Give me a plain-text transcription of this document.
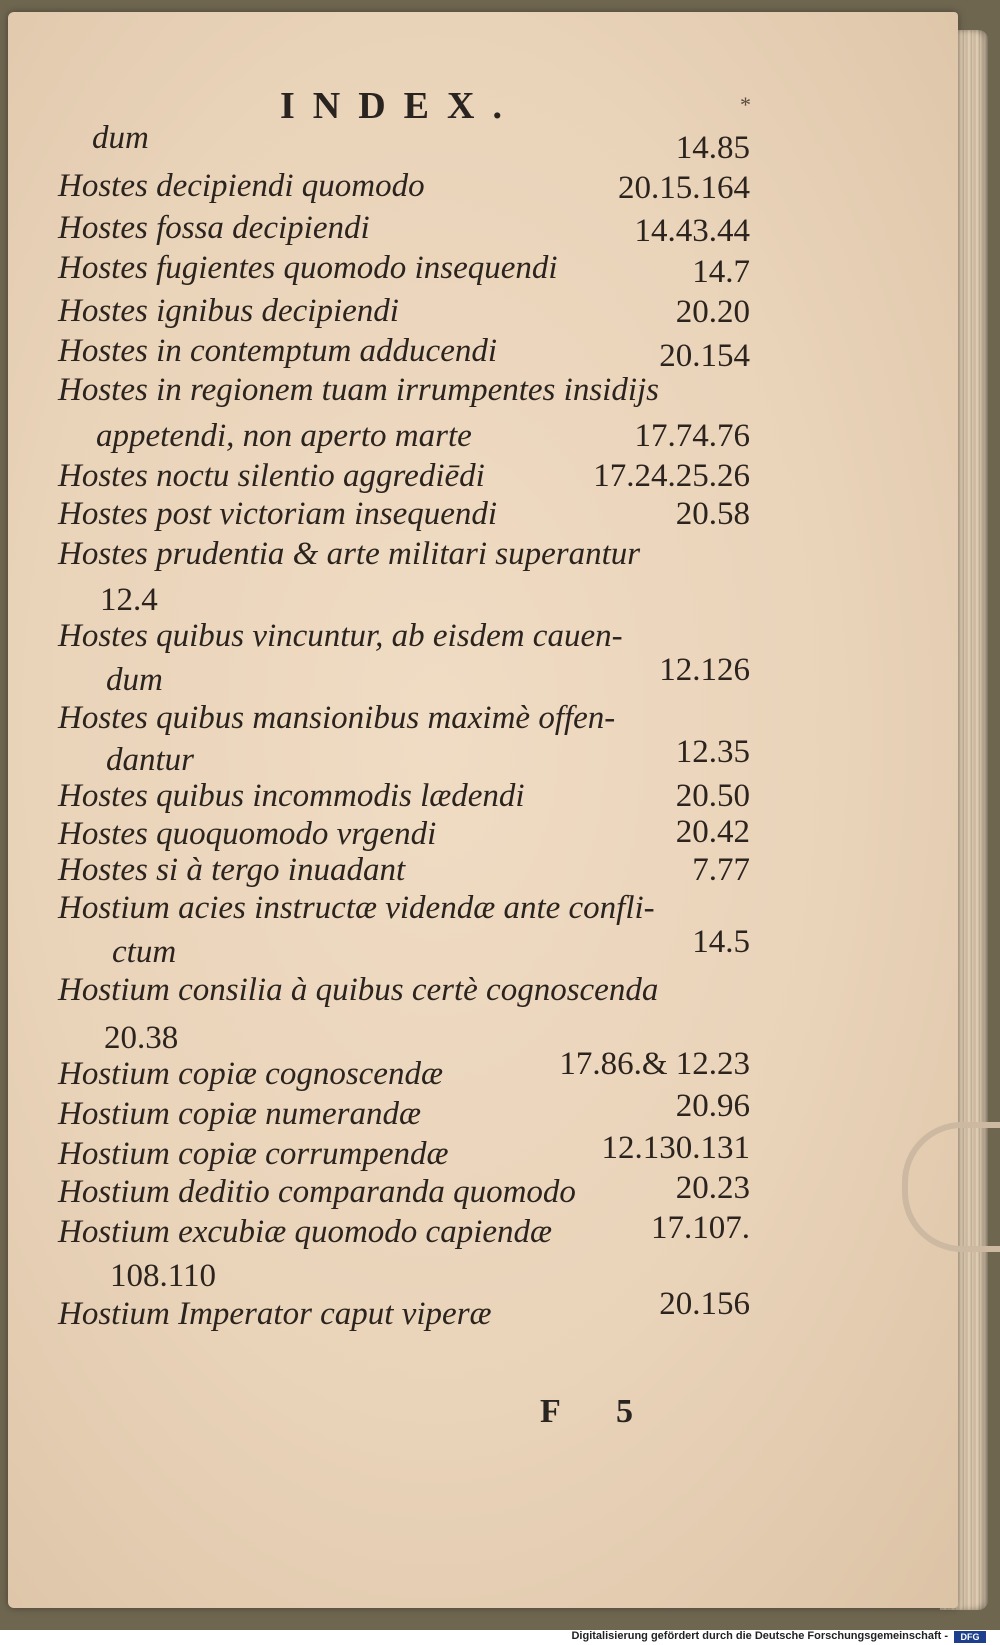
INDEX.	*
dum	14.85
Hostes decipiendi quomodo	20.15.164
Hostes fossa decipiendi	14.43.44
Hostes fugientes quomodo insequendi	14.7
Hostes ignibus decipiendi	20.20
Hostes in contemptum adducendi	20.154
Hostes in regionem tuam irrumpentes insidijs
appetendi, non aperto marte	17.74.76
Hostes noctu silentio aggrediēdi	17.24.25.26
Hostes post victoriam insequendi	20.58
Hostes prudentia & arte militari superantur
12.4
Hostes quibus vincuntur, ab eisdem cauen-
dum	12.126
Hostes quibus mansionibus maximè offen-
dantur	12.35
Hostes quibus incommodis lædendi	20.50
Hostes quoquomodo vrgendi	20.42
Hostes si à tergo inuadant	7.77
Hostium acies instructæ videndæ ante confli-
ctum	14.5
Hostium consilia à quibus certè cognoscenda
20.38
Hostium copiæ cognoscendæ	17.86.& 12.23
Hostium copiæ numerandæ	20.96
Hostium copiæ corrumpendæ	12.130.131
Hostium deditio comparanda quomodo	20.23
Hostium excubiæ quomodo capiendæ	17.107.
108.110
Hostium Imperator caput viperæ	20.156
F 5
Digitalisierung gefördert durch die Deutsche Forschungsgemeinschaft -	DFG
